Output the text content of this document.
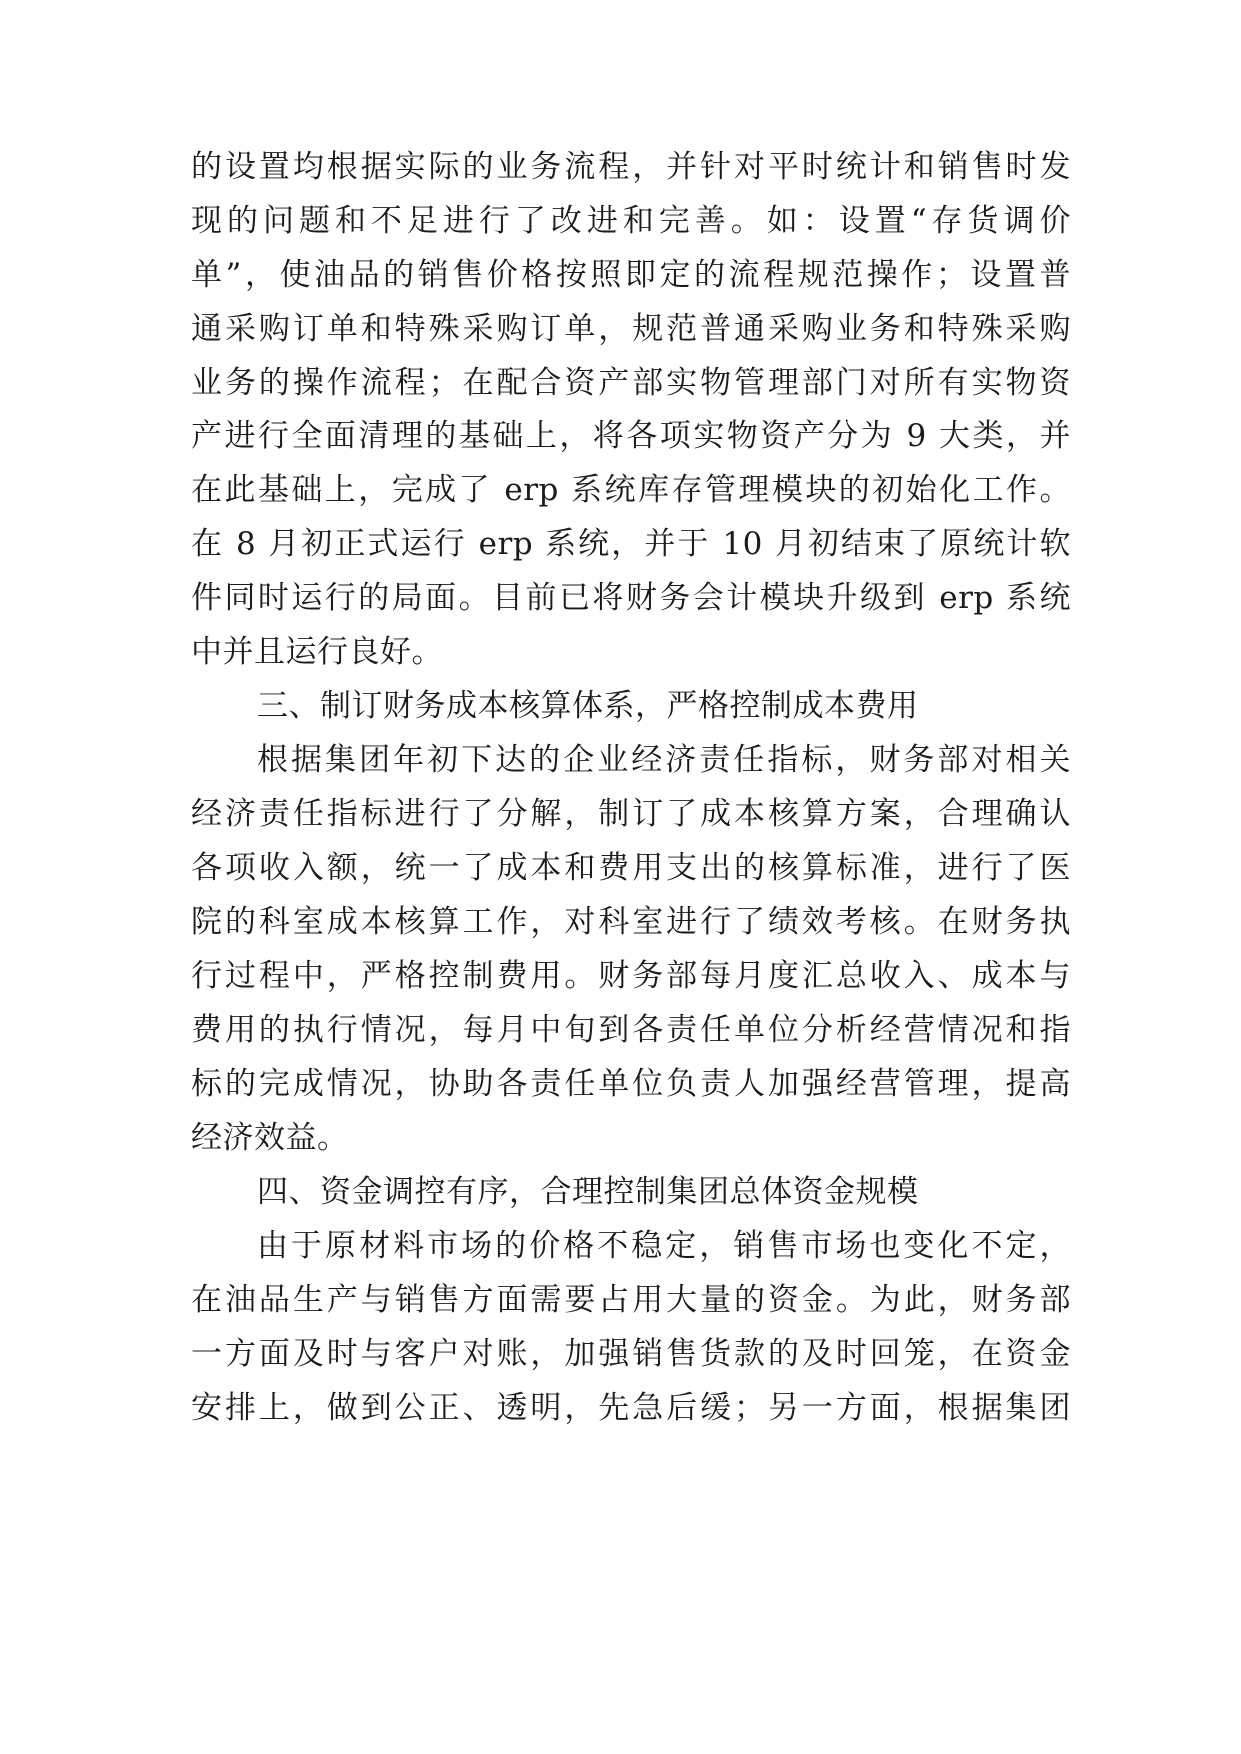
的设置均根据实际的业务流程，并针对平时统计和销售时发
现的问题和不足进行了改进和完善。如：设置“存货调价
单”，使油品的销售价格按照即定的流程规范操作；设置普
通采购订单和特殊采购订单，规范普通采购业务和特殊采购
业务的操作流程；在配合资产部实物管理部门对所有实物资
产进行全面清理的基础上，将各项实物资产分为 9 大类，并
在此基础上，完成了 erp 系统库存管理模块的初始化工作。
在 8 月初正式运行 erp 系统，并于 10 月初结束了原统计软
件同时运行的局面。目前已将财务会计模块升级到 erp 系统
中并且运行良好。
三、制订财务成本核算体系，严格控制成本费用
根据集团年初下达的企业经济责任指标，财务部对相关
经济责任指标进行了分解，制订了成本核算方案，合理确认
各项收入额，统一了成本和费用支出的核算标准，进行了医
院的科室成本核算工作，对科室进行了绩效考核。在财务执
行过程中，严格控制费用。财务部每月度汇总收入、成本与
费用的执行情况，每月中旬到各责任单位分析经营情况和指
标的完成情况，协助各责任单位负责人加强经营管理，提高
经济效益。
四、资金调控有序，合理控制集团总体资金规模
由于原材料市场的价格不稳定，销售市场也变化不定，
在油品生产与销售方面需要占用大量的资金。为此，财务部
一方面及时与客户对账，加强销售货款的及时回笼，在资金
安排上，做到公正、透明，先急后缓；另一方面，根据集团
